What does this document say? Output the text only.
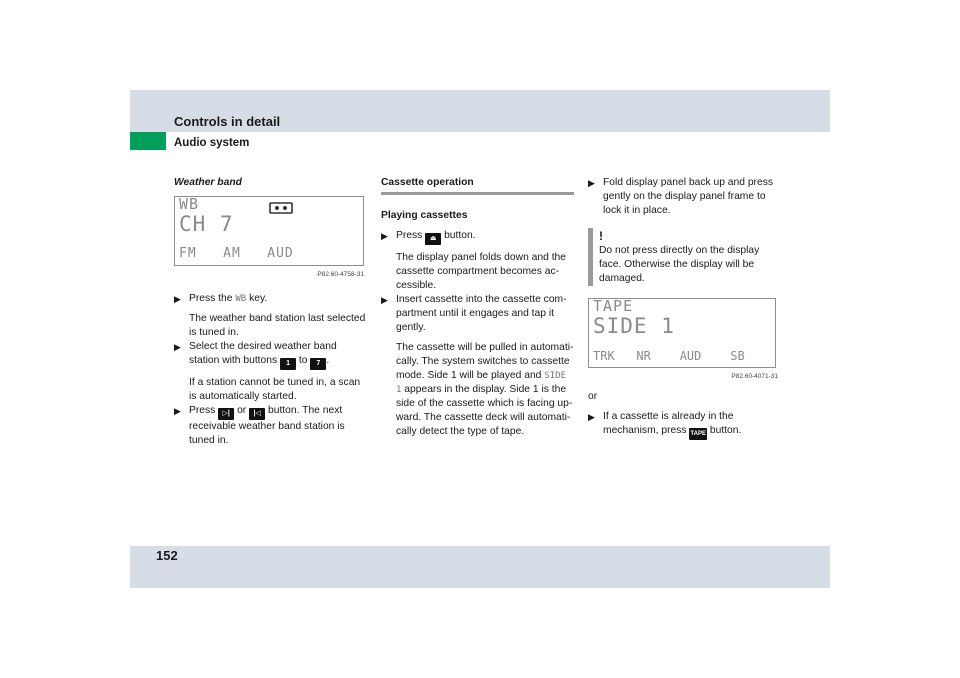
Controls in detail
Audio system

Weather band

WB
CH 7
FM   AM   AUD
P82.60-4758-31
▶ Press the WB key.

The weather band station last selected is tuned in.

▶ Select the desired weather band station with buttons 1 to 7 .

If a station cannot be tuned in, a scan is automatically started.

▶ Press ▷| or |◁ button. The next receivable weather band station is tuned in.
Cassette operation

Playing cassettes

▶ Press ⏏ button.

The display panel folds down and the cassette compartment becomes ac-cessible.

▶ Insert cassette into the cassette com-partment until it engages and tap it gently.

The cassette will be pulled in automati-cally. The system switches to cassette mode. Side 1 will be played and SIDE 1 appears in the display. Side 1 is the side of the cassette which is facing up-ward. The cassette deck will automati-cally detect the type of tape.

▶ Fold display panel back up and press gently on the display panel frame to lock it in place.
!

Do not press directly on the display face. Otherwise the display will be damaged.

TAPE
SIDE 1
TRK   NR    AUD    SB
P82.60-4071-31

or

▶ If a cassette is already in the mechanism, press TAPE button.
152
